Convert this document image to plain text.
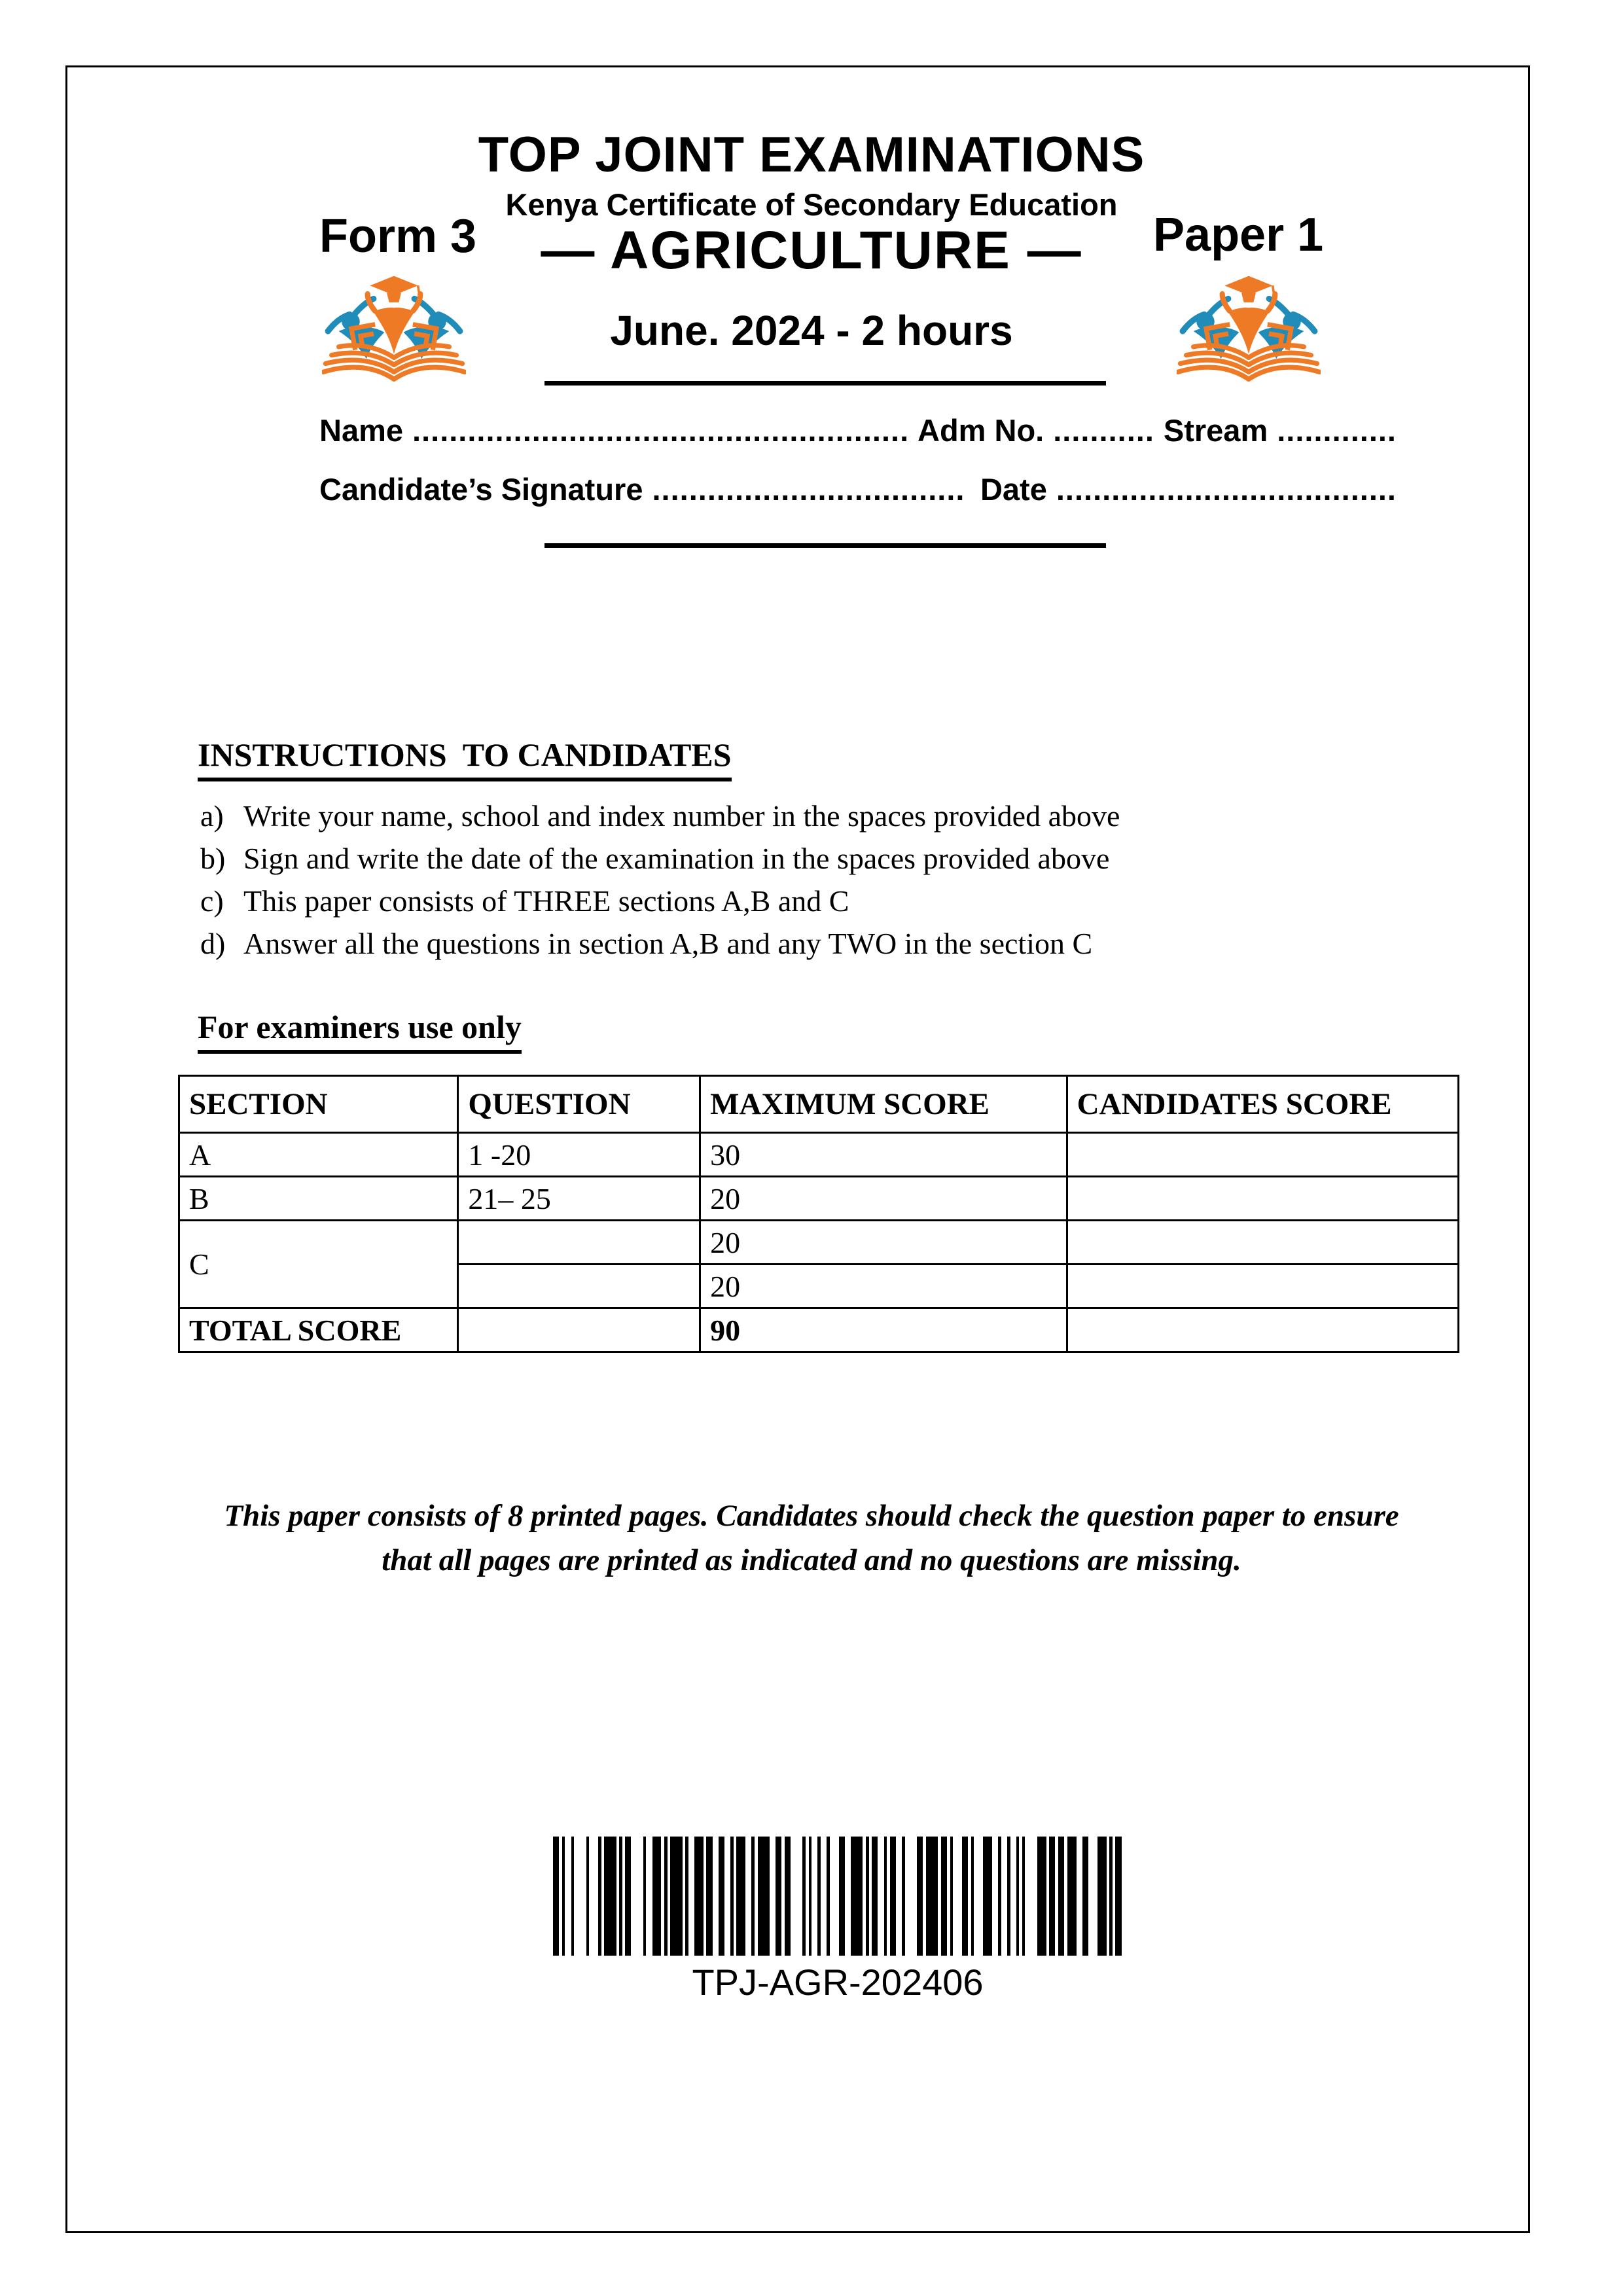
TOP JOINT EXAMINATIONS
Kenya Certificate of Secondary Education
Form 3	Paper 1
— AGRICULTURE —
June. 2024 - 2 hours
Name ...................................................... Adm No. ........... Stream .............
Candidate’s Signature .................................. Date .....................................
INSTRUCTIONS  TO CANDIDATES
a) Write your name, school and index number in the spaces provided above
b) Sign and write the date of the examination in the spaces provided above
c) This paper consists of THREE sections A,B and C
d) Answer all the questions in section A,B and any TWO in the section C
For examiners use only
SECTION	QUESTION	MAXIMUM SCORE	CANDIDATES SCORE
A	1 -20	30	
B	21– 25	20	
C		20	
		20	
TOTAL SCORE		90	
This paper consists of 8 printed pages. Candidates should check the question paper to ensure that all pages are printed as indicated and no questions are missing.
TPJ-AGR-202406
